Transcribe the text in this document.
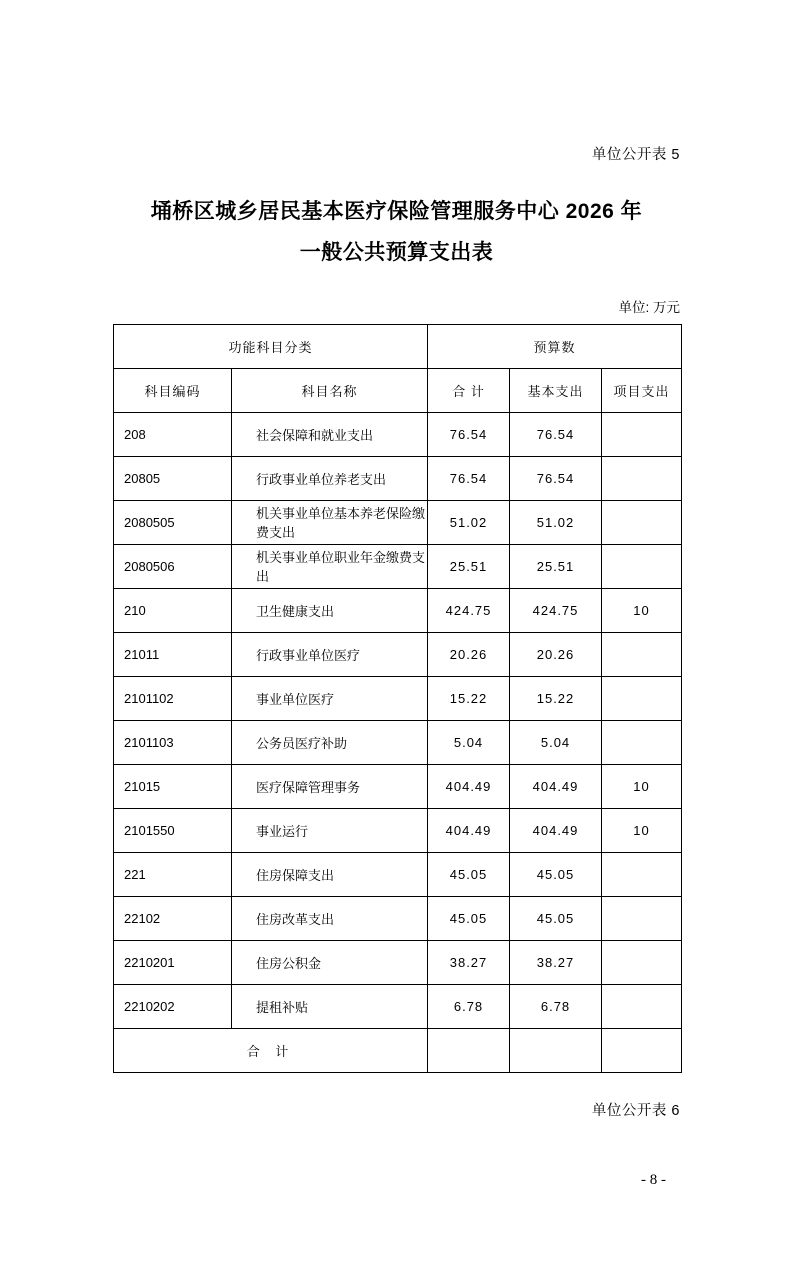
单位公开表 5
埇桥区城乡居民基本医疗保险管理服务中心 2026 年
一般公共预算支出表
单位: 万元
功能科目分类		预算数		
科目编码	科目名称	合 计	基本支出	项目支出
208	社会保障和就业支出	76.54	76.54	
20805	行政事业单位养老支出	76.54	76.54	
2080505	机关事业单位基本养老保险缴费支出	51.02	51.02	
2080506	机关事业单位职业年金缴费支出	25.51	25.51	
210	卫生健康支出	424.75	424.75	10
21011	行政事业单位医疗	20.26	20.26	
2101102	事业单位医疗	15.22	15.22	
2101103	公务员医疗补助	5.04	5.04	
21015	医疗保障管理事务	404.49	404.49	10
2101550	事业运行	404.49	404.49	10
221	住房保障支出	45.05	45.05	
22102	住房改革支出	45.05	45.05	
2210201	住房公积金	38.27	38.27	
2210202	提租补贴	6.78	6.78	
合 计				
单位公开表 6
- 8 -
